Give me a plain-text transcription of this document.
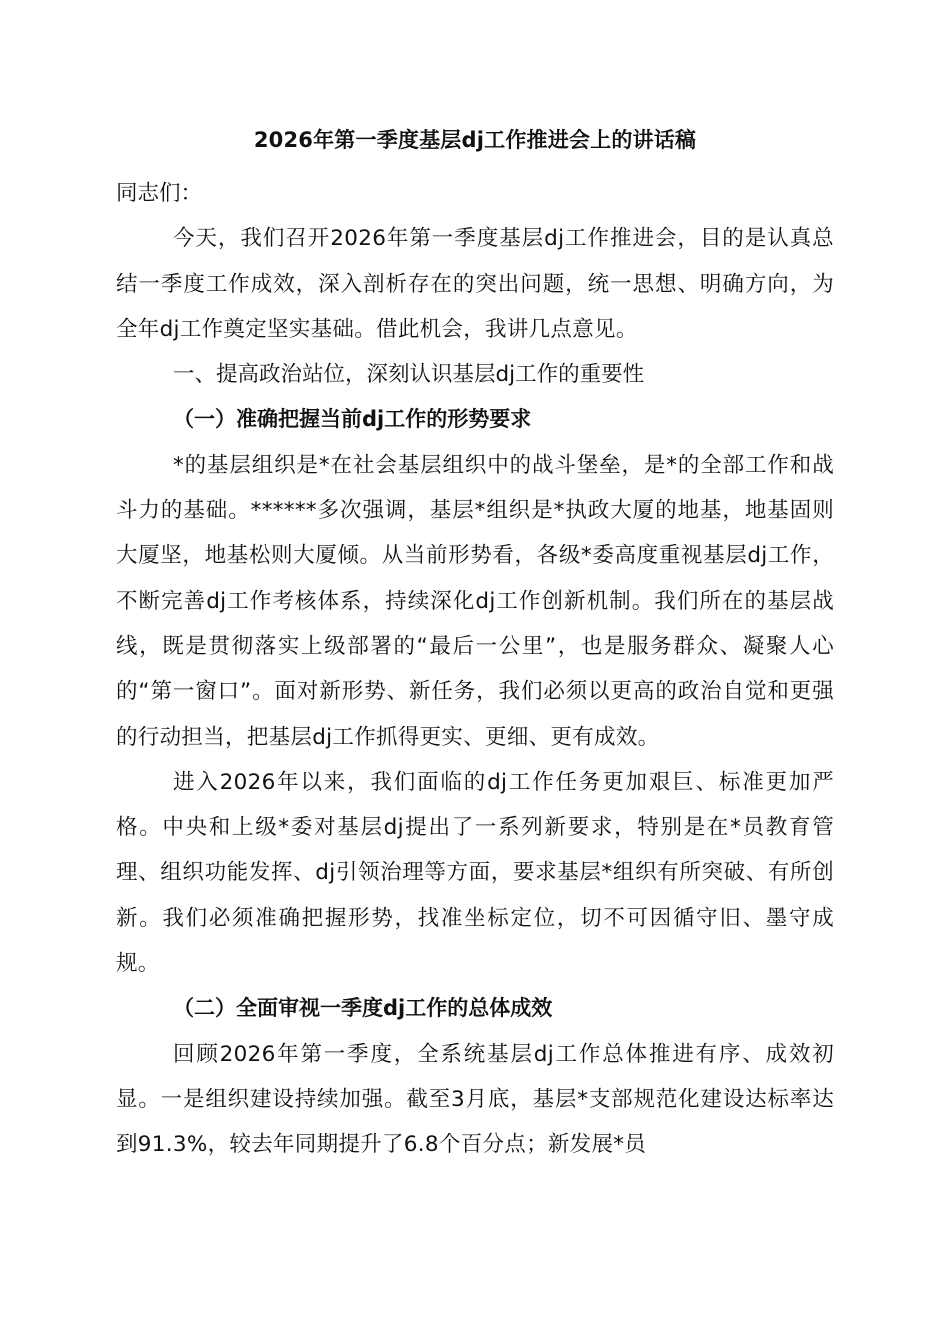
2026年第一季度基层dj工作推进会上的讲话稿

同志们：

今天，我们召开2026年第一季度基层dj工作推进会，目的是认真总结一季度工作成效，深入剖析存在的突出问题，统一思想、明确方向，为全年dj工作奠定坚实基础。借此机会，我讲几点意见。

一、提高政治站位，深刻认识基层dj工作的重要性

（一）准确把握当前dj工作的形势要求

*的基层组织是*在社会基层组织中的战斗堡垒，是*的全部工作和战斗力的基础。******多次强调，基层*组织是*执政大厦的地基，地基固则大厦坚，地基松则大厦倾。从当前形势看，各级*委高度重视基层dj工作，不断完善dj工作考核体系，持续深化dj工作创新机制。我们所在的基层战线，既是贯彻落实上级部署的“最后一公里”，也是服务群众、凝聚人心的“第一窗口”。面对新形势、新任务，我们必须以更高的政治自觉和更强的行动担当，把基层dj工作抓得更实、更细、更有成效。

进入2026年以来，我们面临的dj工作任务更加艰巨、标准更加严格。中央和上级*委对基层dj提出了一系列新要求，特别是在*员教育管理、组织功能发挥、dj引领治理等方面，要求基层*组织有所突破、有所创新。我们必须准确把握形势，找准坐标定位，切不可因循守旧、墨守成规。

（二）全面审视一季度dj工作的总体成效

回顾2026年第一季度，全系统基层dj工作总体推进有序、成效初显。一是组织建设持续加强。截至3月底，基层*支部规范化建设达标率达到91.3%，较去年同期提升了6.8个百分点；新发展*员
